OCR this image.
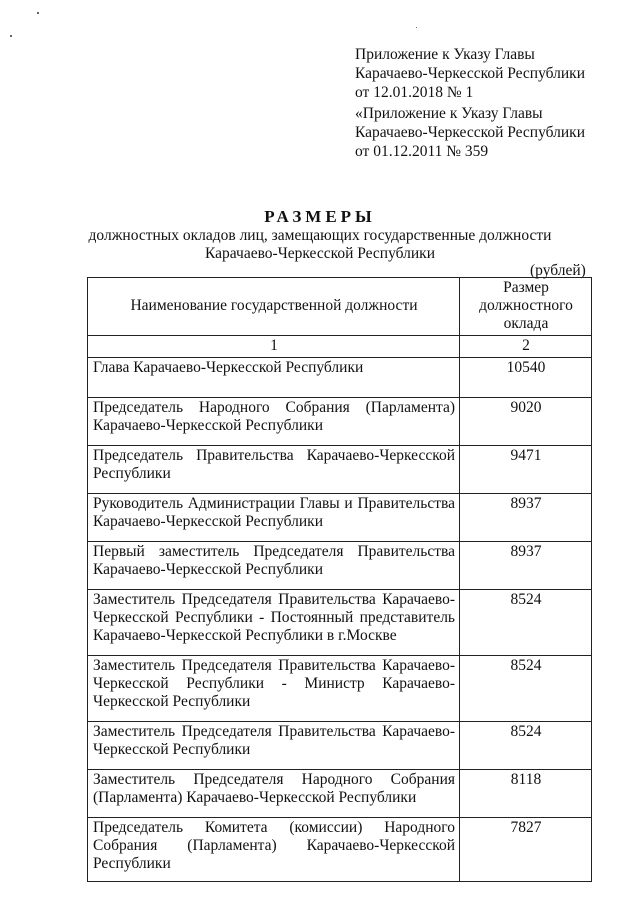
Приложение к Указу Главы
Карачаево-Черкесской Республики
от 12.01.2018 № 1
«Приложение к Указу Главы
Карачаево-Черкесской Республики
от 01.12.2011 № 359
РАЗМЕРЫ
должностных окладов лиц, замещающих государственные должности
Карачаево-Черкесской Республики
(рублей)
Наименование государственной должности	Размер должностного оклада
1	2
Глава Карачаево-Черкесской Республики	10540
Председатель Народного Собрания (Парламента) Карачаево-Черкесской Республики	9020
Председатель Правительства Карачаево-Черкесской Республики	9471
Руководитель Администрации Главы и Правительства Карачаево-Черкесской Республики	8937
Первый заместитель Председателя Правительства Карачаево-Черкесской Республики	8937
Заместитель Председателя Правительства Карачаево-Черкесской Республики - Постоянный представитель Карачаево-Черкесской Республики в г.Москве	8524
Заместитель Председателя Правительства Карачаево-Черкесской Республики - Министр Карачаево-Черкесской Республики	8524
Заместитель Председателя Правительства Карачаево-Черкесской Республики	8524
Заместитель Председателя Народного Собрания (Парламента) Карачаево-Черкесской Республики	8118
Председатель Комитета (комиссии) Народного Собрания (Парламента) Карачаево-Черкесской Республики	7827
